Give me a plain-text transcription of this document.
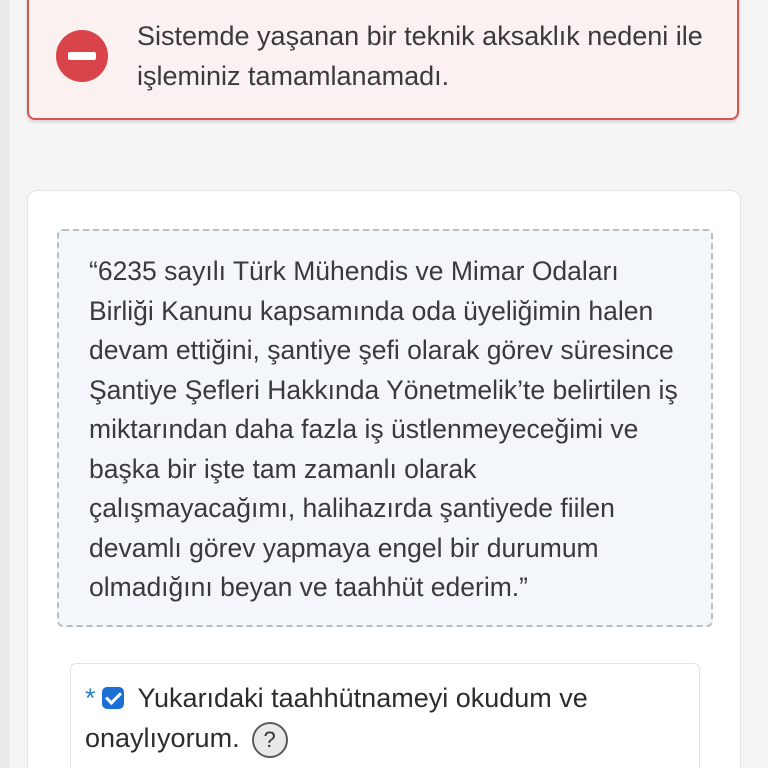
Sistemde yaşanan bir teknik aksaklık nedeni ile işleminiz tamamlanamadı.

“6235 sayılı Türk Mühendis ve Mimar Odaları Birliği Kanunu kapsamında oda üyeliğimin halen devam ettiğini, şantiye şefi olarak görev süresince Şantiye Şefleri Hakkında Yönetmelik’te belirtilen iş miktarından daha fazla iş üstlenmeyeceğimi ve başka bir işte tam zamanlı olarak çalışmayacağımı, halihazırda şantiyede fiilen devamlı görev yapmaya engel bir durumum olmadığını beyan ve taahhüt ederim.”

* Yukarıdaki taahhütnameyi okudum ve onaylıyorum. ?
